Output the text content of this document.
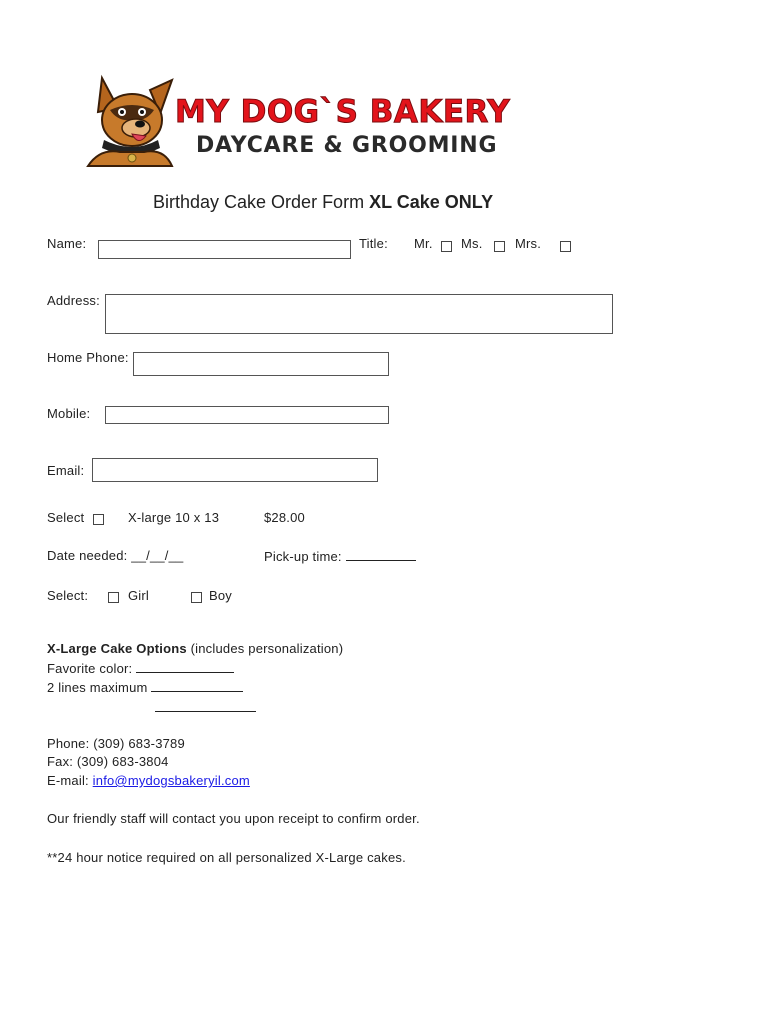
MY DOG`S BAKERY
DAYCARE & GROOMING
Birthday Cake Order Form XL Cake ONLY
Name:	Title: Mr. Ms. Mrs.
Address:
Home Phone:
Mobile:
Email:
Select	X-large 10 x 13	$28.00
Date needed: __/__/__	Pick-up time:
Select:	Girl	Boy
X-Large Cake Options (includes personalization)
Favorite color:
2 lines maximum
Phone: (309) 683-3789
Fax: (309) 683-3804
E-mail: info@mydogsbakeryil.com
Our friendly staff will contact you upon receipt to confirm order.
**24 hour notice required on all personalized X-Large cakes.
